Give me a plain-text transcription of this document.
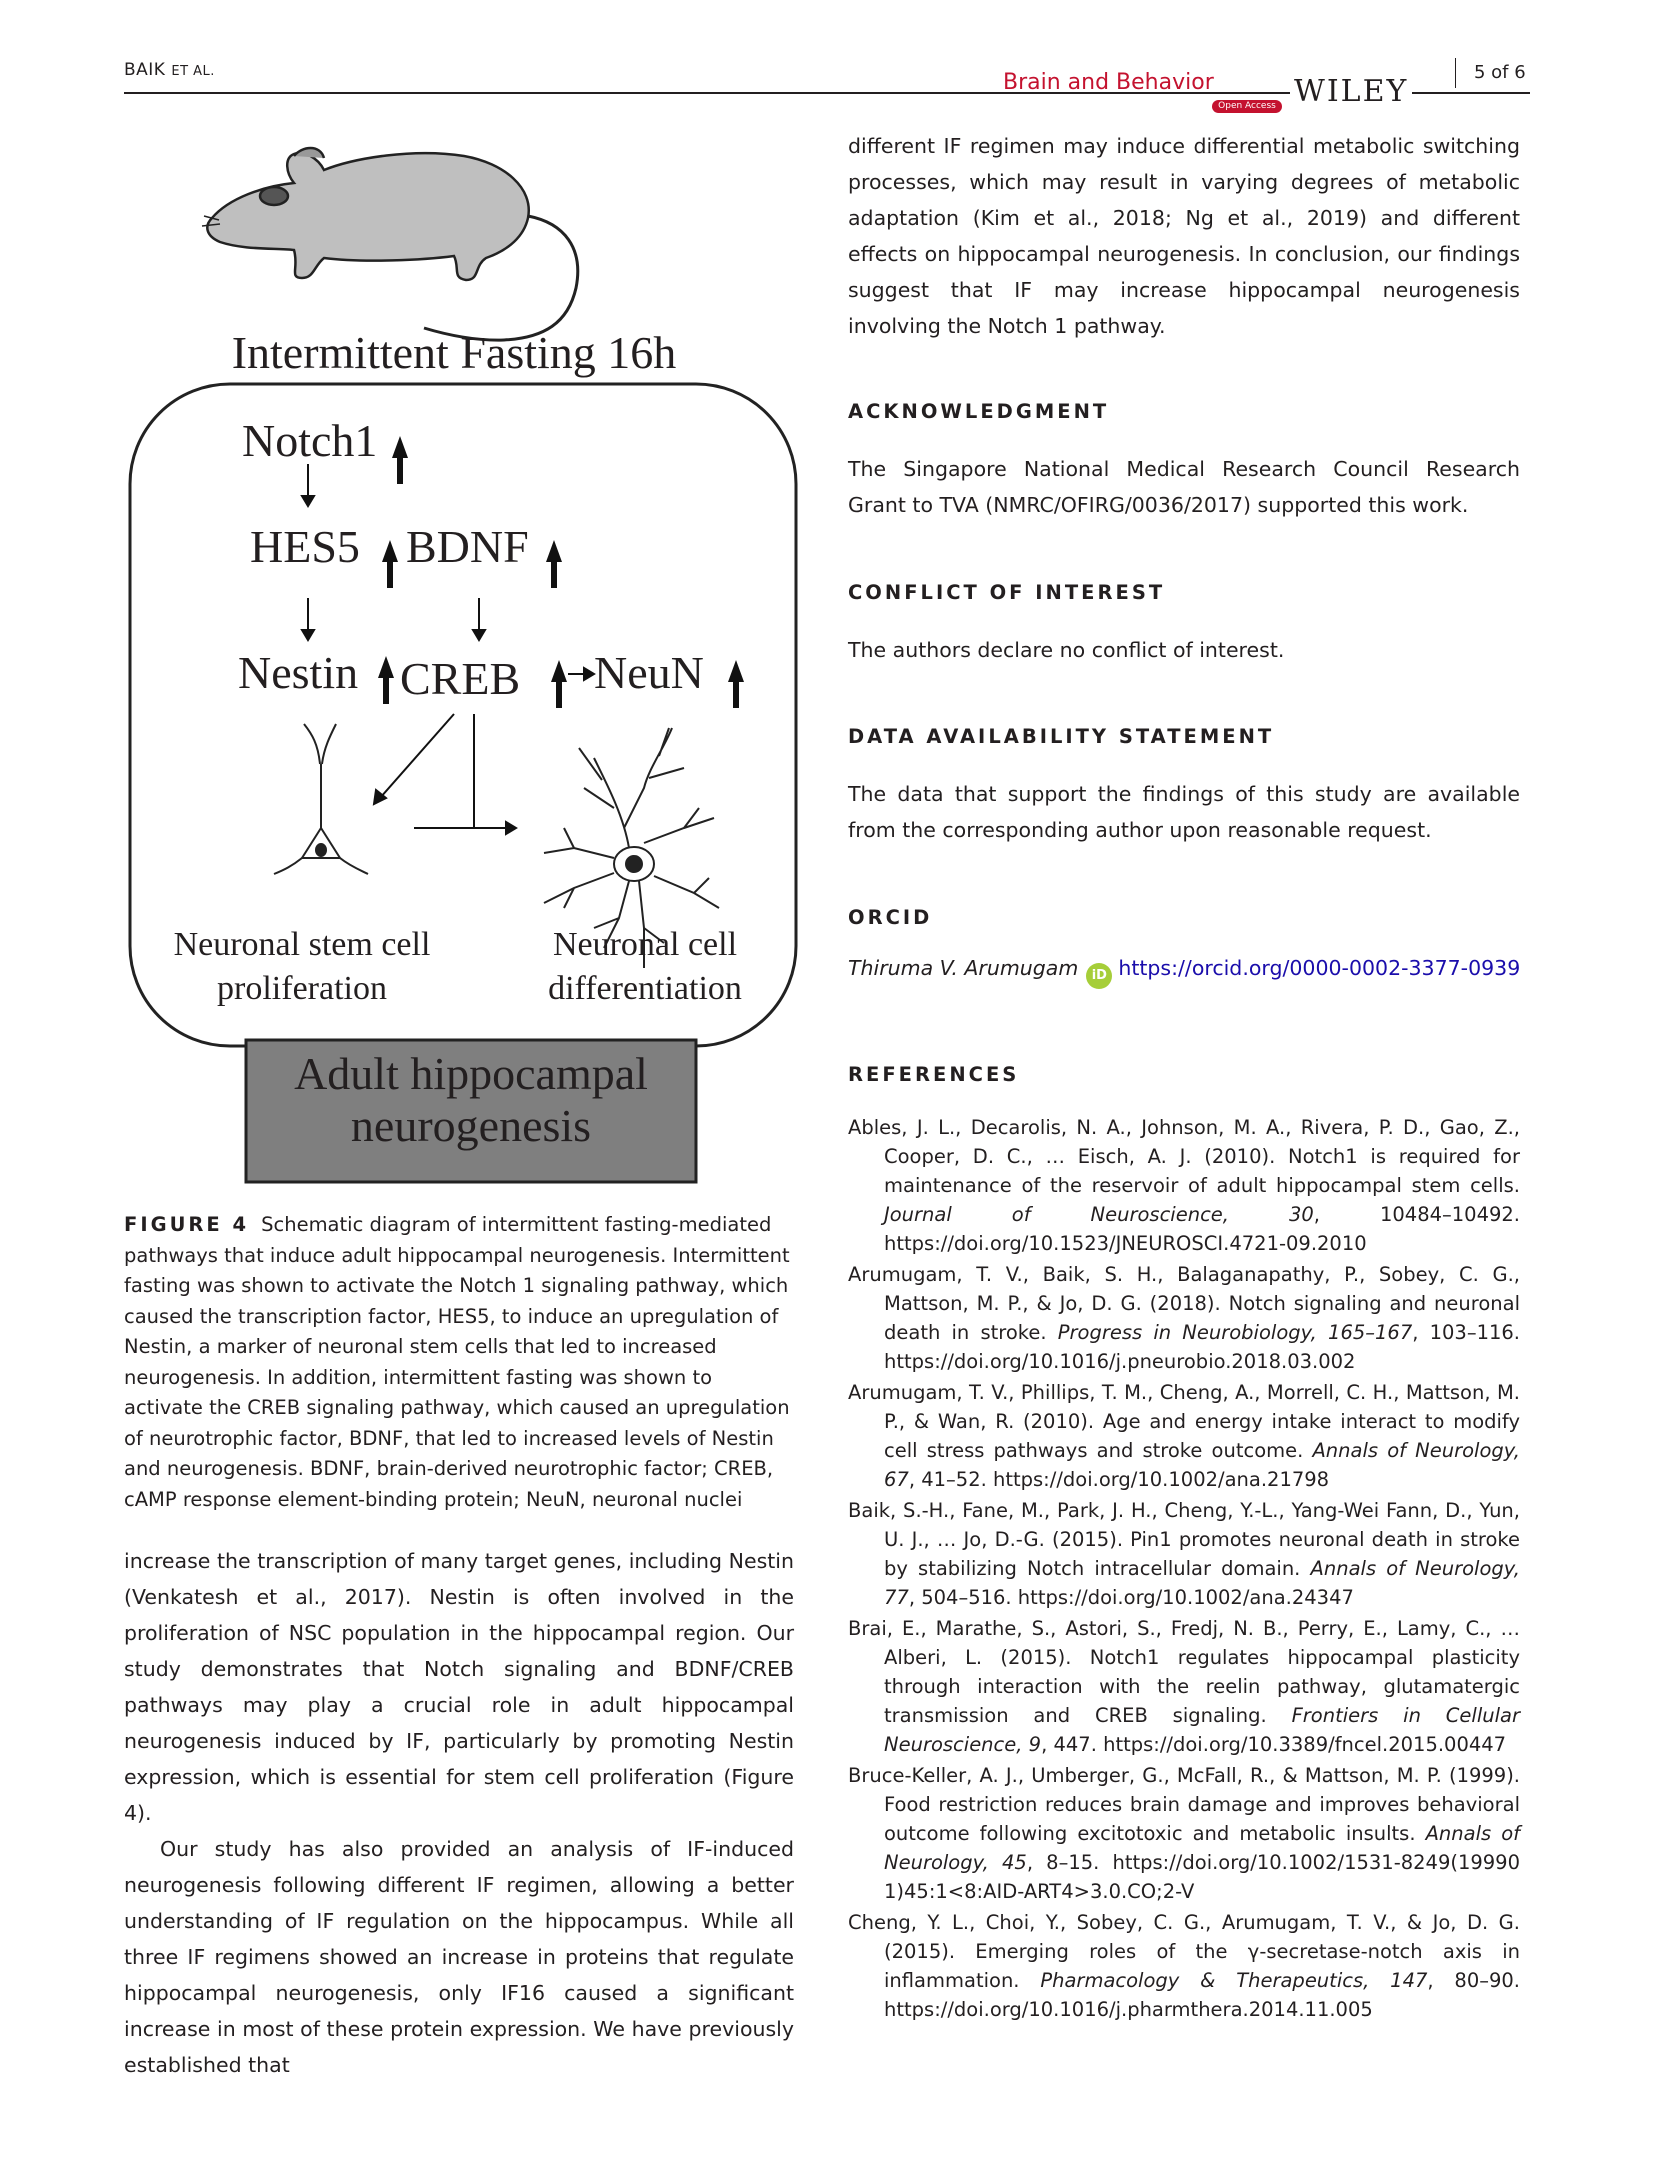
BAIK ET AL.	Brain and Behavior
Open Access WILEY
5 of 6
Intermittent Fasting 16h
Notch1
HES5 BDNF
Nestin CREB NeuN
Neuronal stem cell proliferation
Neuronal cell differentiation
Adult hippocampal neurogenesis
FIGURE 4 Schematic diagram of intermittent fasting-mediated pathways that induce adult hippocampal neurogenesis. Intermittent fasting was shown to activate the Notch 1 signaling pathway, which caused the transcription factor, HES5, to induce an upregulation of Nestin, a marker of neuronal stem cells that led to increased neurogenesis. In addition, intermittent fasting was shown to activate the CREB signaling pathway, which caused an upregulation of neurotrophic factor, BDNF, that led to increased levels of Nestin and neurogenesis. BDNF, brain-derived neurotrophic factor; CREB, cAMP response element-binding protein; NeuN, neuronal nuclei

increase the transcription of many target genes, including Nestin (Venkatesh et al., 2017). Nestin is often involved in the proliferation of NSC population in the hippocampal region. Our study demonstrates that Notch signaling and BDNF/CREB pathways may play a crucial role in adult hippocampal neurogenesis induced by IF, particularly by promoting Nestin expression, which is essential for stem cell proliferation (Figure 4).

Our study has also provided an analysis of IF-induced neurogenesis following different IF regimen, allowing a better understanding of IF regulation on the hippocampus. While all three IF regimens showed an increase in proteins that regulate hippocampal neurogenesis, only IF16 caused a significant increase in most of these protein expression. We have previously established that

different IF regimen may induce differential metabolic switching processes, which may result in varying degrees of metabolic adaptation (Kim et al., 2018; Ng et al., 2019) and different effects on hippocampal neurogenesis. In conclusion, our findings suggest that IF may increase hippocampal neurogenesis involving the Notch 1 pathway.

ACKNOWLEDGMENT

The Singapore National Medical Research Council Research Grant to TVA (NMRC/OFIRG/0036/2017) supported this work.

CONFLICT OF INTEREST

The authors declare no conflict of interest.

DATA AVAILABILITY STATEMENT

The data that support the findings of this study are available from the corresponding author upon reasonable request.

ORCID
Thiruma V. Arumugam iD https://orcid.org/0000-0002-3377-0939
REFERENCES

Ables, J. L., Decarolis, N. A., Johnson, M. A., Rivera, P. D., Gao, Z., Cooper, D. C., … Eisch, A. J. (2010). Notch1 is required for maintenance of the reservoir of adult hippocampal stem cells. Journal of Neuroscience, 30, 10484–10492. https://doi.org/10.1523/JNEUROSCI.4721-09.2010

Arumugam, T. V., Baik, S. H., Balaganapathy, P., Sobey, C. G., Mattson, M. P., & Jo, D. G. (2018). Notch signaling and neuronal death in stroke. Progress in Neurobiology, 165–167, 103–116. https://doi.org/10.1016/j.pneurobio.2018.03.002

Arumugam, T. V., Phillips, T. M., Cheng, A., Morrell, C. H., Mattson, M. P., & Wan, R. (2010). Age and energy intake interact to modify cell stress pathways and stroke outcome. Annals of Neurology, 67, 41–52. https://doi.org/10.1002/ana.21798

Baik, S.-H., Fane, M., Park, J. H., Cheng, Y.-L., Yang-Wei Fann, D., Yun, U. J., … Jo, D.-G. (2015). Pin1 promotes neuronal death in stroke by stabilizing Notch intracellular domain. Annals of Neurology, 77, 504–516. https://doi.org/10.1002/ana.24347

Brai, E., Marathe, S., Astori, S., Fredj, N. B., Perry, E., Lamy, C., … Alberi, L. (2015). Notch1 regulates hippocampal plasticity through interaction with the reelin pathway, glutamatergic transmission and CREB signaling. Frontiers in Cellular Neuroscience, 9, 447. https://doi.org/10.3389/fncel.2015.00447

Bruce-Keller, A. J., Umberger, G., McFall, R., & Mattson, M. P. (1999). Food restriction reduces brain damage and improves behavioral outcome following excitotoxic and metabolic insults. Annals of Neurology, 45, 8–15. https://doi.org/10.1002/1531-8249(19990 1)45:1<8:AID-ART4>3.0.CO;2-V

Cheng, Y. L., Choi, Y., Sobey, C. G., Arumugam, T. V., & Jo, D. G. (2015). Emerging roles of the γ-secretase-notch axis in inflammation. Pharmacology & Therapeutics, 147, 80–90. https://doi.org/10.1016/j.pharmthera.2014.11.005
